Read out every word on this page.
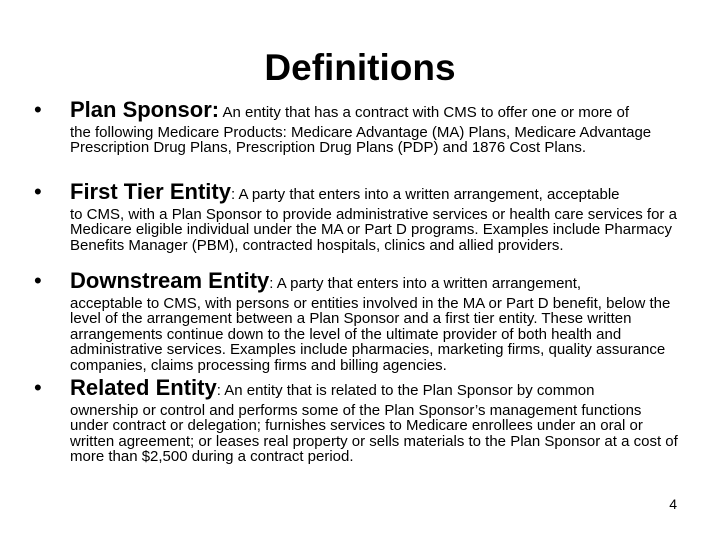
Definitions
• Plan Sponsor: An entity that has a contract with CMS to offer one or more of
the following Medicare Products: Medicare Advantage (MA) Plans, Medicare Advantage Prescription Drug Plans, Prescription Drug Plans (PDP) and 1876 Cost Plans.
• First Tier Entity: A party that enters into a written arrangement, acceptable
to CMS, with a Plan Sponsor to provide administrative services or health care services for a Medicare eligible individual under the MA or Part D programs. Examples include Pharmacy Benefits Manager (PBM), contracted hospitals, clinics and allied providers.
• Downstream Entity: A party that enters into a written arrangement,
acceptable to CMS, with persons or entities involved in the MA or Part D benefit, below the level of the arrangement between a Plan Sponsor and a first tier entity. These written arrangements continue down to the level of the ultimate provider of both health and administrative services. Examples include pharmacies, marketing firms, quality assurance companies, claims processing firms and billing agencies.
• Related Entity: An entity that is related to the Plan Sponsor by common
ownership or control and performs some of the Plan Sponsor’s management functions under contract or delegation; furnishes services to Medicare enrollees under an oral or written agreement; or leases real property or sells materials to the Plan Sponsor at a cost of more than $2,500 during a contract period.
4
